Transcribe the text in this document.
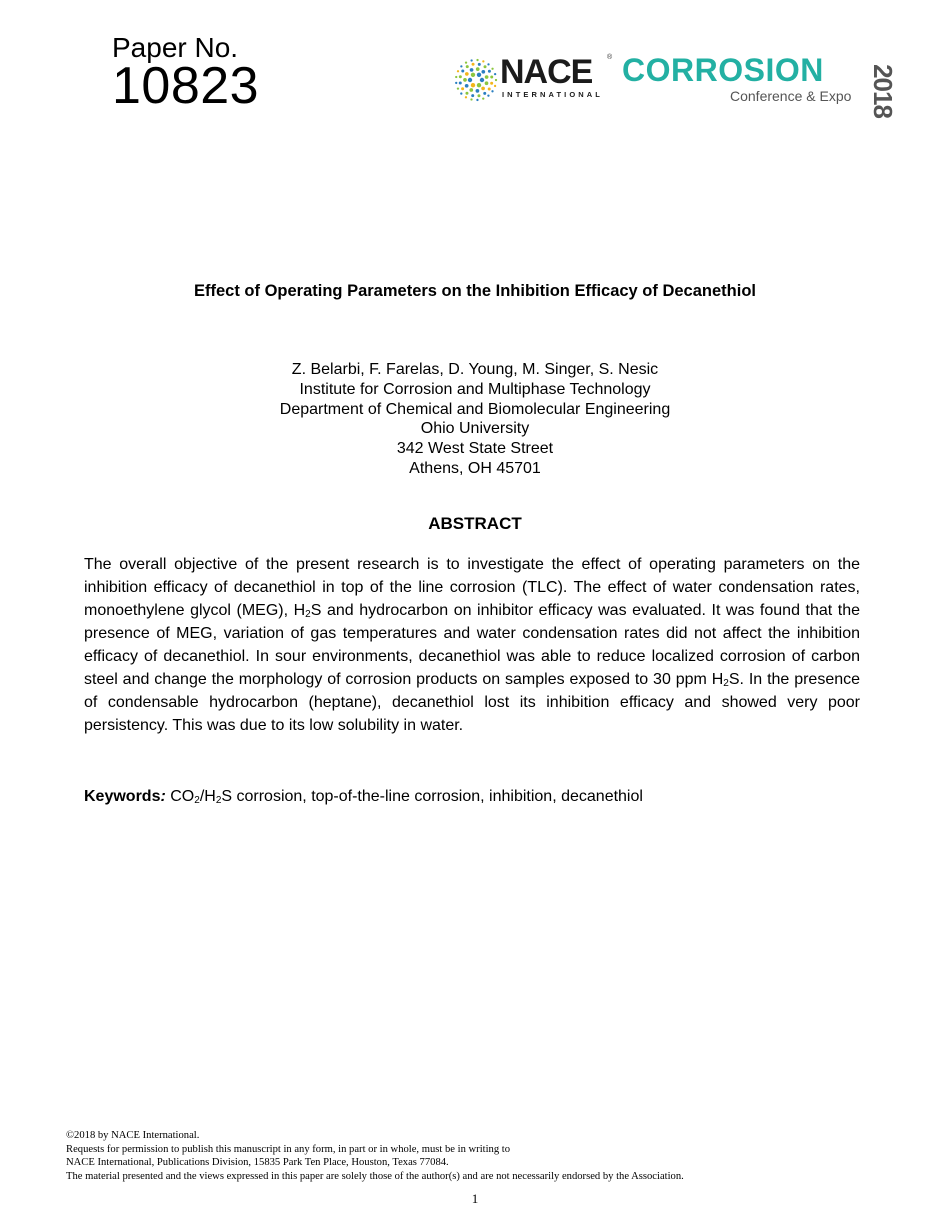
Paper No.
10823	NACE ®
INTERNATIONAL
CORROSION
Conference & Expo 2018
Effect of Operating Parameters on the Inhibition Efficacy of Decanethiol
Z. Belarbi, F. Farelas, D. Young, M. Singer, S. Nesic
Institute for Corrosion and Multiphase Technology
Department of Chemical and Biomolecular Engineering
Ohio University
342 West State Street
Athens, OH 45701
ABSTRACT
The overall objective of the present research is to investigate the effect of operating parameters on the inhibition efficacy of decanethiol in top of the line corrosion (TLC). The effect of water condensation rates, monoethylene glycol (MEG), $H_2S$ and hydrocarbon on inhibitor efficacy was evaluated. It was found that the presence of MEG, variation of gas temperatures and water condensation rates did not affect the inhibition efficacy of decanethiol. In sour environments, decanethiol was able to reduce localized corrosion of carbon steel and change the morphology of corrosion products on samples exposed to 30 ppm $H_2S$. In the presence of condensable hydrocarbon (heptane), decanethiol lost its inhibition efficacy and showed very poor persistency. This was due to its low solubility in water.
Keywords: $CO_2/H_2S$ corrosion, top-of-the-line corrosion, inhibition, decanethiol
©2018 by NACE International.
Requests for permission to publish this manuscript in any form, in part or in whole, must be in writing to
NACE International, Publications Division, 15835 Park Ten Place, Houston, Texas 77084.
The material presented and the views expressed in this paper are solely those of the author(s) and are not necessarily endorsed by the Association.
1
